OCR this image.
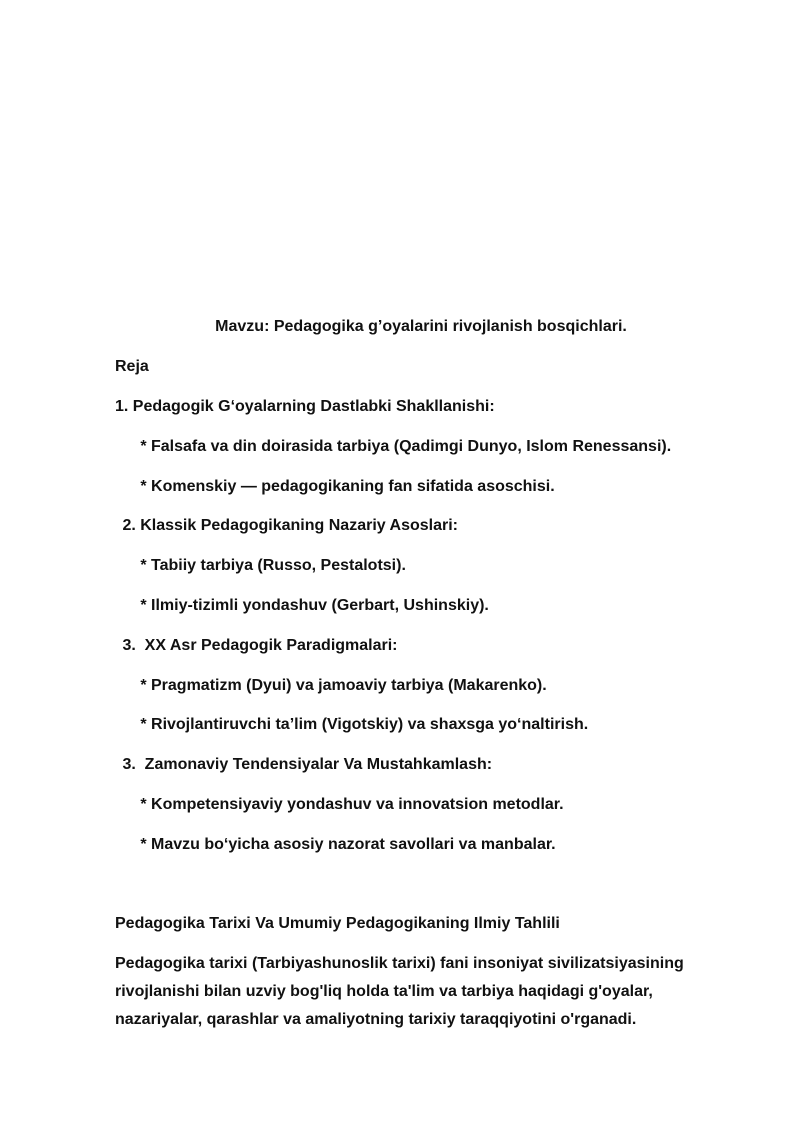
Mavzu: Pedagogika g’oyalarini rivojlanish bosqichlari.
Reja
1. Pedagogik G‘oyalarning Dastlabki Shakllanishi:
* Falsafa va din doirasida tarbiya (Qadimgi Dunyo, Islom Renessansi).
* Komenskiy — pedagogikaning fan sifatida asoschisi.
2. Klassik Pedagogikaning Nazariy Asoslari:
* Tabiiy tarbiya (Russo, Pestalotsi).
* Ilmiy-tizimli yondashuv (Gerbart, Ushinskiy).
3.  XX Asr Pedagogik Paradigmalari:
* Pragmatizm (Dyui) va jamoaviy tarbiya (Makarenko).
* Rivojlantiruvchi ta’lim (Vigotskiy) va shaxsga yo‘naltirish.
3.  Zamonaviy Tendensiyalar Va Mustahkamlash:
* Kompetensiyaviy yondashuv va innovatsion metodlar.
* Mavzu bo‘yicha asosiy nazorat savollari va manbalar.
Pedagogika Tarixi Va Umumiy Pedagogikaning Ilmiy Tahlili
Pedagogika tarixi (Tarbiyashunoslik tarixi) fani insoniyat sivilizatsiyasining rivojlanishi bilan uzviy bog'liq holda ta'lim va tarbiya haqidagi g'oyalar, nazariyalar, qarashlar va amaliyotning tarixiy taraqqiyotini o'rganadi.
